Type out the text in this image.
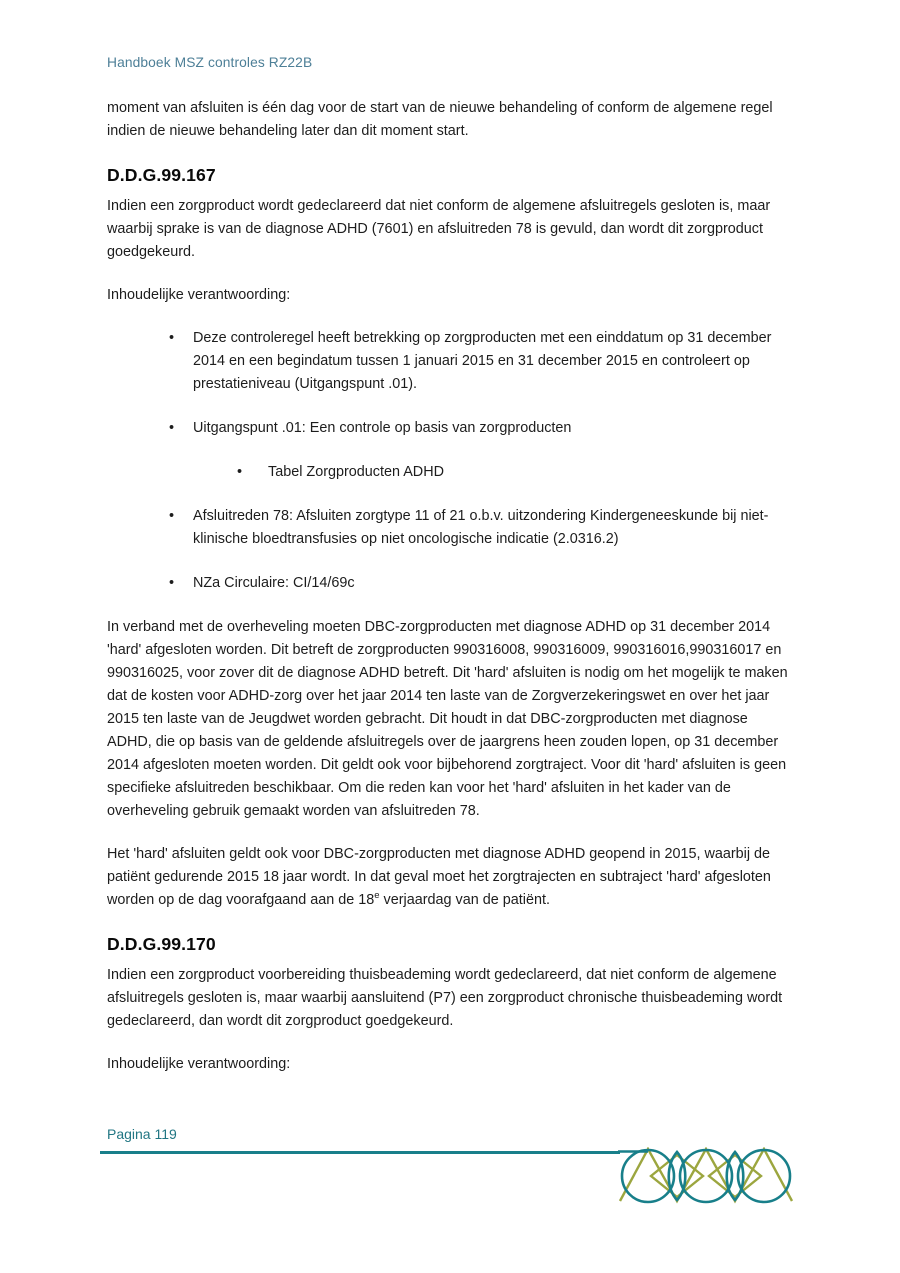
Handboek MSZ controles RZ22B

moment van afsluiten is één dag voor de start van de nieuwe behandeling of conform de algemene regel indien de nieuwe behandeling later dan dit moment start.

D.D.G.99.167

Indien een zorgproduct wordt gedeclareerd dat niet conform de algemene afsluitregels gesloten is, maar waarbij sprake is van de diagnose ADHD (7601) en afsluitreden 78 is gevuld, dan wordt dit zorgproduct goedgekeurd.

Inhoudelijke verantwoording:

•	Deze controleregel heeft betrekking op zorgproducten met een einddatum op 31 december 2014 en een begindatum tussen 1 januari 2015 en 31 december 2015 en controleert op prestatieniveau (Uitgangspunt .01).
•	Uitgangspunt .01: Een controle op basis van zorgproducten
•	Tabel Zorgproducten ADHD
•	Afsluitreden 78: Afsluiten zorgtype 11 of 21 o.b.v. uitzondering Kindergeneeskunde bij niet-klinische bloedtransfusies op niet oncologische indicatie (2.0316.2)
•	NZa Circulaire: CI/14/69c

In verband met de overheveling moeten DBC-zorgproducten met diagnose ADHD op 31 december 2014 'hard' afgesloten worden. Dit betreft de zorgproducten 990316008, 990316009, 990316016,990316017 en 990316025, voor zover dit de diagnose ADHD betreft. Dit 'hard' afsluiten is nodig om het mogelijk te maken dat de kosten voor ADHD-zorg over het jaar 2014 ten laste van de Zorgverzekeringswet en over het jaar 2015 ten laste van de Jeugdwet worden gebracht. Dit houdt in dat DBC-zorgproducten met diagnose ADHD, die op basis van de geldende afsluitregels over de jaargrens heen zouden lopen, op 31 december 2014 afgesloten moeten worden. Dit geldt ook voor bijbehorend zorgtraject. Voor dit 'hard' afsluiten is geen specifieke afsluitreden beschikbaar. Om die reden kan voor het 'hard' afsluiten in het kader van de overheveling gebruik gemaakt worden van afsluitreden 78.

Het 'hard' afsluiten geldt ook voor DBC-zorgproducten met diagnose ADHD geopend in 2015, waarbij de patiënt gedurende 2015 18 jaar wordt. In dat geval moet het zorgtrajecten en subtraject 'hard' afgesloten worden op de dag voorafgaand aan de 18e verjaardag van de patiënt.

D.D.G.99.170

Indien een zorgproduct voorbereiding thuisbeademing wordt gedeclareerd, dat niet conform de algemene afsluitregels gesloten is, maar waarbij aansluitend (P7) een zorgproduct chronische thuisbeademing wordt gedeclareerd, dan wordt dit zorgproduct goedgekeurd.

Inhoudelijke verantwoording:

Pagina 119
